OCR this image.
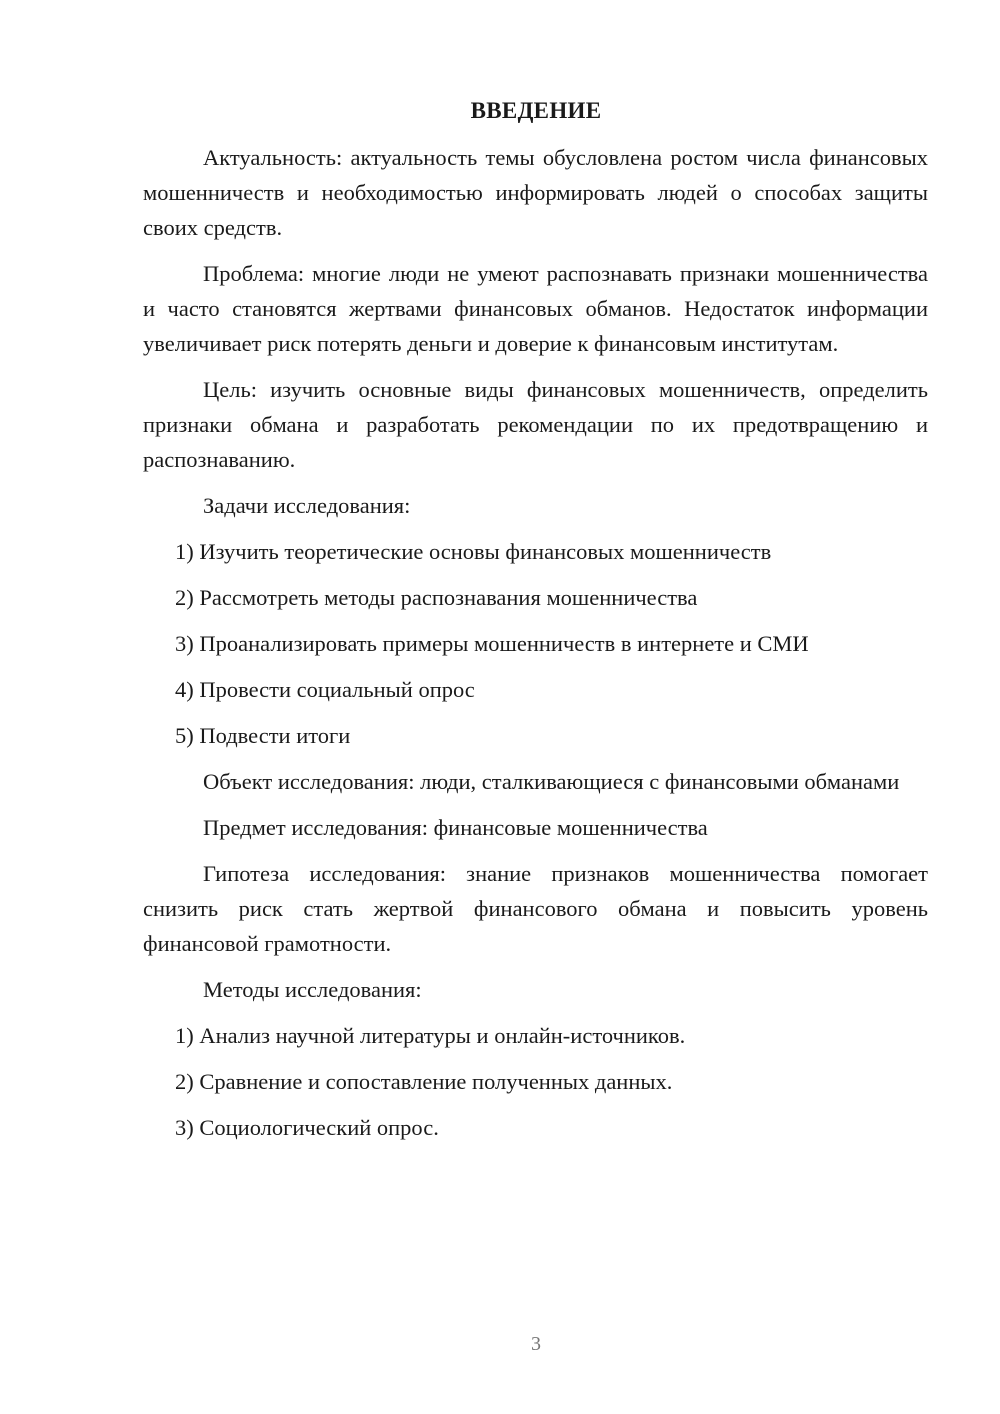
ВВЕДЕНИЕ

Актуальность: актуальность темы обусловлена ростом числа финансовых мошенничеств и необходимостью информировать людей о способах защиты своих средств.

Проблема: многие люди не умеют распознавать признаки мошенничества и часто становятся жертвами финансовых обманов. Недостаток информации увеличивает риск потерять деньги и доверие к финансовым институтам.

Цель: изучить основные виды финансовых мошенничеств, определить признаки обмана и разработать рекомендации по их предотвращению и распознаванию.

Задачи исследования:

1) Изучить теоретические основы финансовых мошенничеств
2) Рассмотреть методы распознавания мошенничества
3) Проанализировать примеры мошенничеств в интернете и СМИ
4) Провести социальный опрос
5) Подвести итоги

Объект исследования: люди, сталкивающиеся с финансовыми обманами

Предмет исследования: финансовые мошенничества

Гипотеза исследования: знание признаков мошенничества помогает снизить риск стать жертвой финансового обмана и повысить уровень финансовой грамотности.

Методы исследования:

1) Анализ научной литературы и онлайн-источников.
2) Сравнение и сопоставление полученных данных.
3) Социологический опрос.
3
